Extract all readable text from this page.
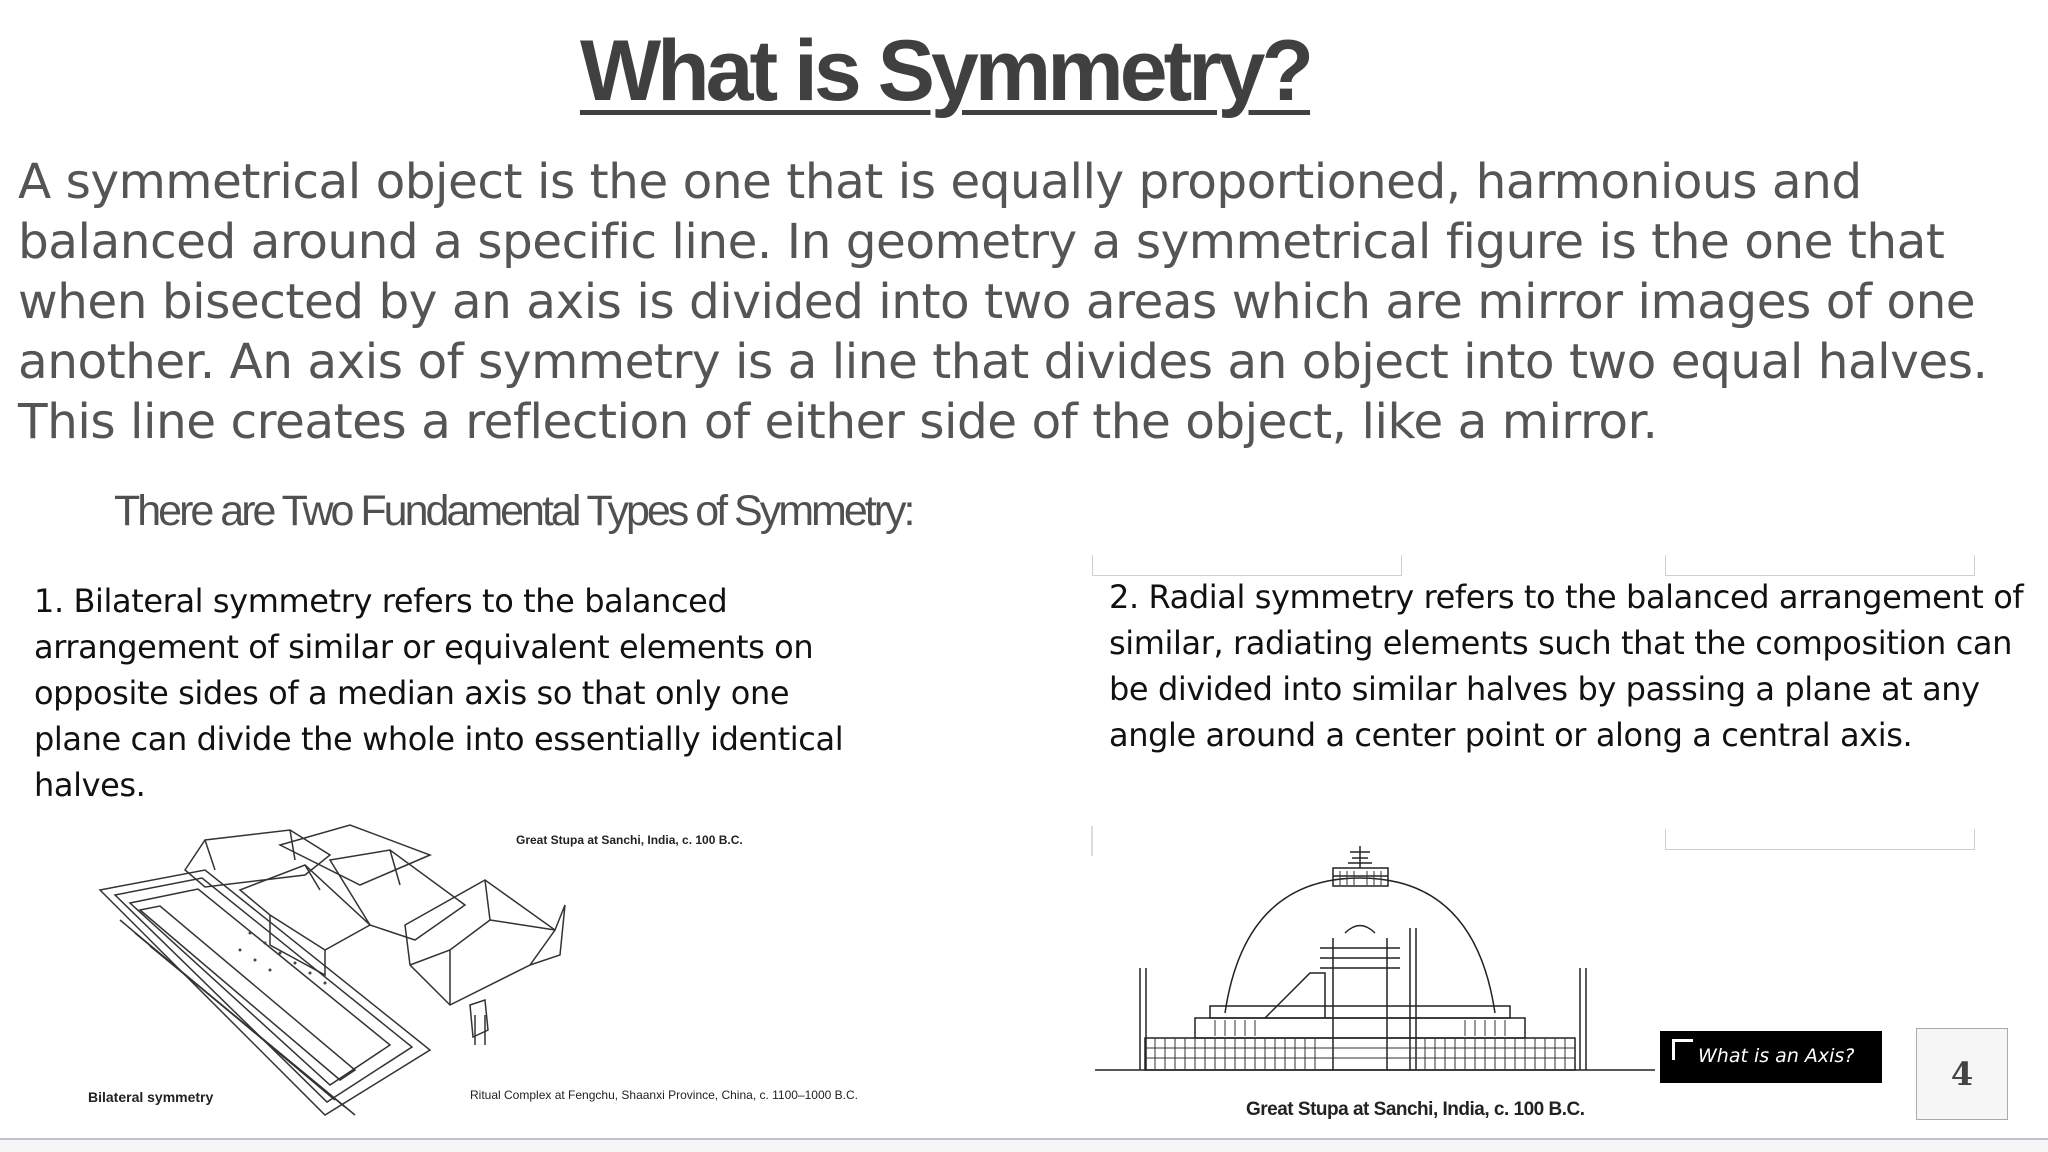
What is Symmetry?
A symmetrical object is the one that is equally proportioned, harmonious and balanced around a specific line. In geometry a symmetrical figure is the one that when bisected by an axis is divided into two areas which are mirror images of one another. An axis of symmetry is a line that divides an object into two equal halves. This line creates a reflection of either side of the object, like a mirror.
There are Two Fundamental Types of Symmetry:
1. Bilateral symmetry refers to the balanced arrangement of similar or equivalent elements on opposite sides of a median axis so that only one plane can divide the whole into essentially identical halves.
2. Radial symmetry refers to the balanced arrangement of similar, radiating elements such that the composition can be divided into similar halves by passing a plane at any angle around a center point or along a central axis.
Great Stupa at Sanchi, India, c. 100 B.C.
Bilateral symmetry	Ritual Complex at Fengchu, Shaanxi Province, China, c. 1100–1000 B.C.
Great Stupa at Sanchi, India, c. 100 B.C.
What is an Axis?	4
